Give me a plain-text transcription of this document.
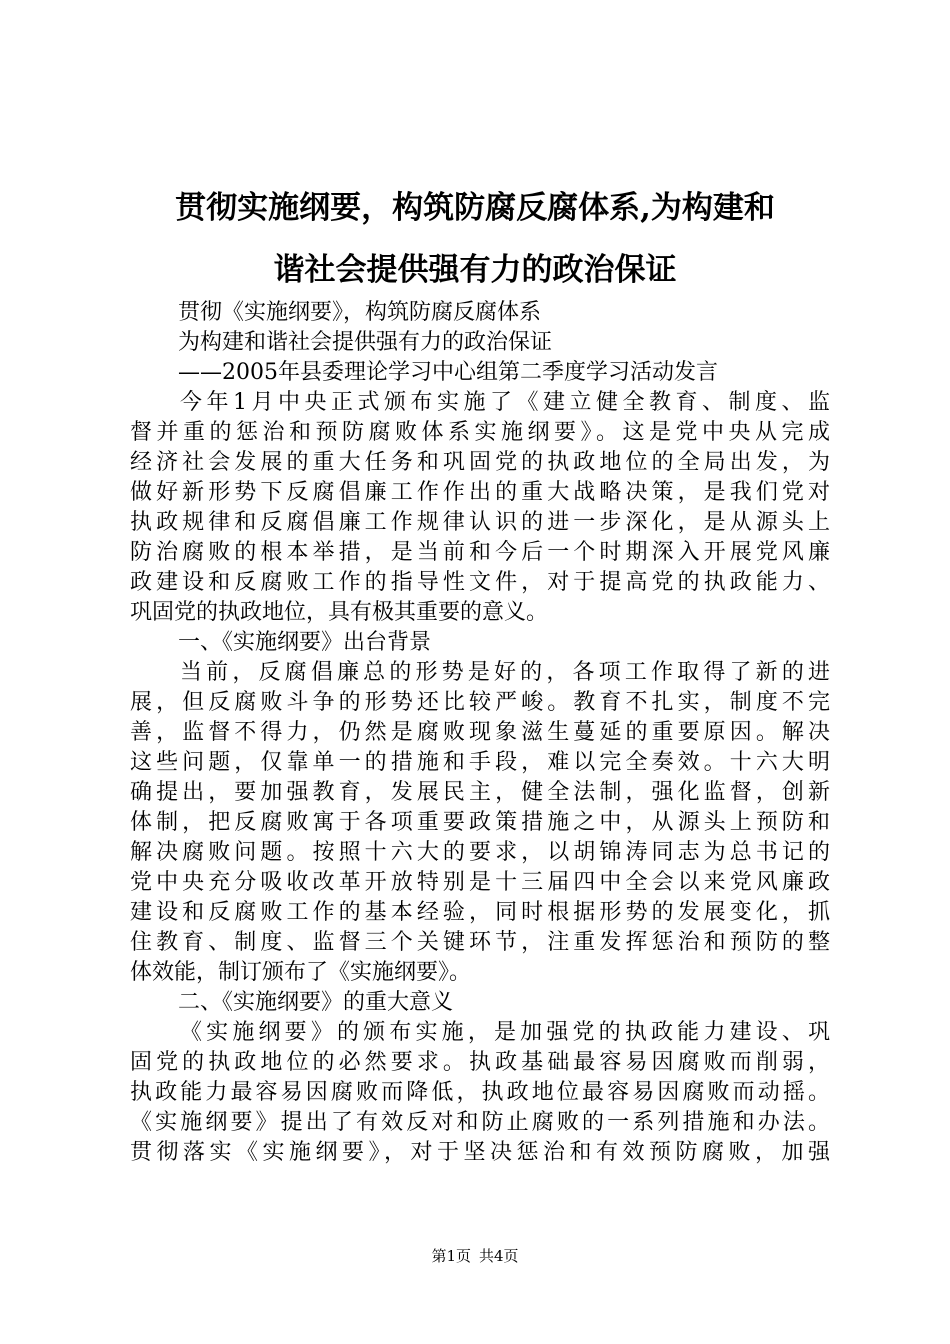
贯彻实施纲要，构筑防腐反腐体系,为构建和
谐社会提供强有力的政治保证
贯彻《实施纲要》，构筑防腐反腐体系
为构建和谐社会提供强有力的政治保证
——2005年县委理论学习中心组第二季度学习活动发言
今年1月中央正式颁布实施了《建立健全教育、制度、监
督并重的惩治和预防腐败体系实施纲要》。这是党中央从完成
经济社会发展的重大任务和巩固党的执政地位的全局出发，为
做好新形势下反腐倡廉工作作出的重大战略决策，是我们党对
执政规律和反腐倡廉工作规律认识的进一步深化，是从源头上
防治腐败的根本举措，是当前和今后一个时期深入开展党风廉
政建设和反腐败工作的指导性文件，对于提高党的执政能力、
巩固党的执政地位，具有极其重要的意义。
一、《实施纲要》出台背景
当前，反腐倡廉总的形势是好的，各项工作取得了新的进
展，但反腐败斗争的形势还比较严峻。教育不扎实，制度不完
善，监督不得力，仍然是腐败现象滋生蔓延的重要原因。解决
这些问题，仅靠单一的措施和手段，难以完全奏效。十六大明
确提出，要加强教育，发展民主，健全法制，强化监督，创新
体制，把反腐败寓于各项重要政策措施之中，从源头上预防和
解决腐败问题。按照十六大的要求，以胡锦涛同志为总书记的
党中央充分吸收改革开放特别是十三届四中全会以来党风廉政
建设和反腐败工作的基本经验，同时根据形势的发展变化，抓
住教育、制度、监督三个关键环节，注重发挥惩治和预防的整
体效能，制订颁布了《实施纲要》。
二、《实施纲要》的重大意义
《实施纲要》的颁布实施，是加强党的执政能力建设、巩
固党的执政地位的必然要求。执政基础最容易因腐败而削弱，
执政能力最容易因腐败而降低，执政地位最容易因腐败而动摇。
《实施纲要》提出了有效反对和防止腐败的一系列措施和办法。
贯彻落实《实施纲要》，对于坚决惩治和有效预防腐败，加强
第1页 共4页
